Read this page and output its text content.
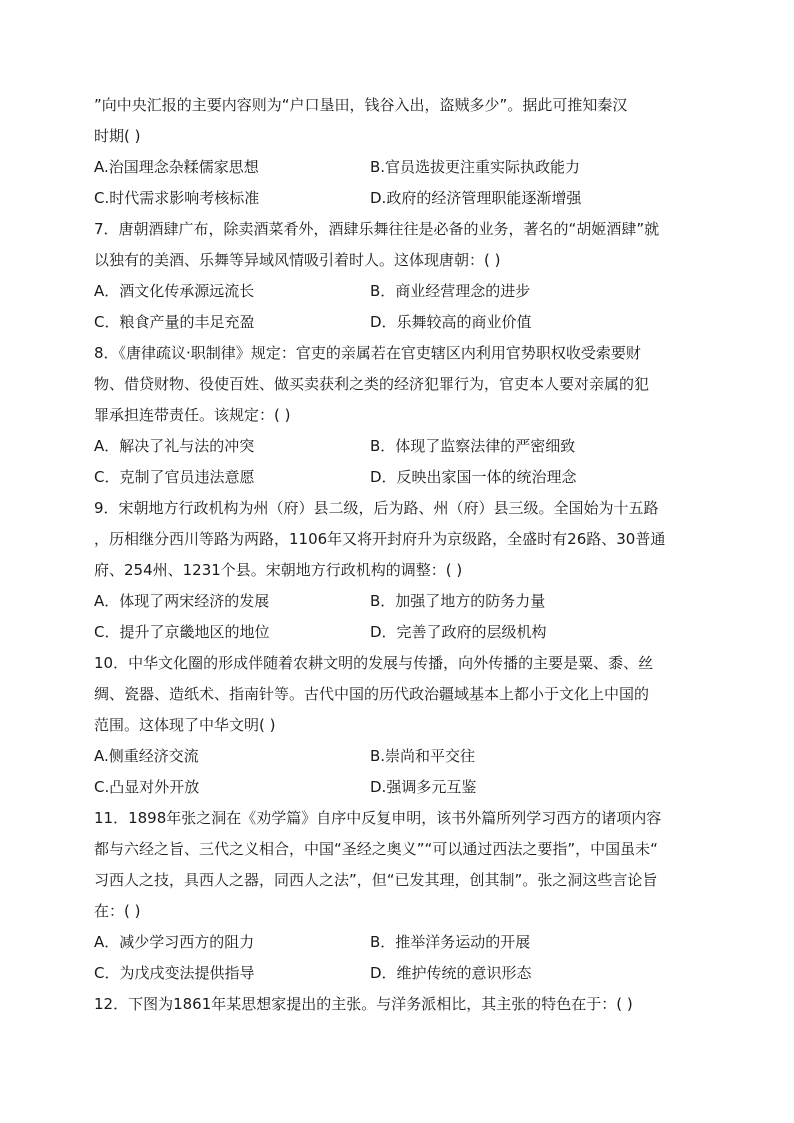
”向中央汇报的主要内容则为“户口垦田，钱谷入出，盗贼多少”。据此可推知秦汉
时期( )
A.治国理念杂糅儒家思想	B.官员选拔更注重实际执政能力
C.时代需求影响考核标准	D.政府的经济管理职能逐渐增强
7．唐朝酒肆广布，除卖酒菜肴外，酒肆乐舞往往是必备的业务，著名的“胡姬酒肆”就
以独有的美酒、乐舞等异域风情吸引着时人。这体现唐朝：( )
A．酒文化传承源远流长	B．商业经营理念的进步
C．粮食产量的丰足充盈	D．乐舞较高的商业价值
8．《唐律疏议·职制律》规定：官吏的亲属若在官吏辖区内利用官势职权收受索要财
物、借贷财物、役使百姓、做买卖获利之类的经济犯罪行为，官吏本人要对亲属的犯
罪承担连带责任。该规定：( )
A．解决了礼与法的冲突	B．体现了监察法律的严密细致
C．克制了官员违法意愿	D．反映出家国一体的统治理念
9．宋朝地方行政机构为州（府）县二级，后为路、州（府）县三级。全国始为十五路
，历相继分西川等路为两路，1106年又将开封府升为京级路，全盛时有26路、30普通
府、254州、1231个县。宋朝地方行政机构的调整：( )
A．体现了两宋经济的发展	B．加强了地方的防务力量
C．提升了京畿地区的地位	D．完善了政府的层级机构
10．中华文化圈的形成伴随着农耕文明的发展与传播，向外传播的主要是粟、黍、丝
绸、瓷器、造纸术、指南针等。古代中国的历代政治疆域基本上都小于文化上中国的
范围。这体现了中华文明( )
A.侧重经济交流	B.崇尚和平交往
C.凸显对外开放	D.强调多元互鉴
11．1898年张之洞在《劝学篇》自序中反复申明，该书外篇所列学习西方的诸项内容
都与六经之旨、三代之义相合，中国“圣经之奥义”“可以通过西法之要指”，中国虽未“
习西人之技，具西人之器，同西人之法”，但“已发其理，创其制”。张之洞这些言论旨
在：( )
A．减少学习西方的阻力	B．推举洋务运动的开展
C．为戊戌变法提供指导	D．维护传统的意识形态
12．下图为1861年某思想家提出的主张。与洋务派相比，其主张的特色在于：( )
